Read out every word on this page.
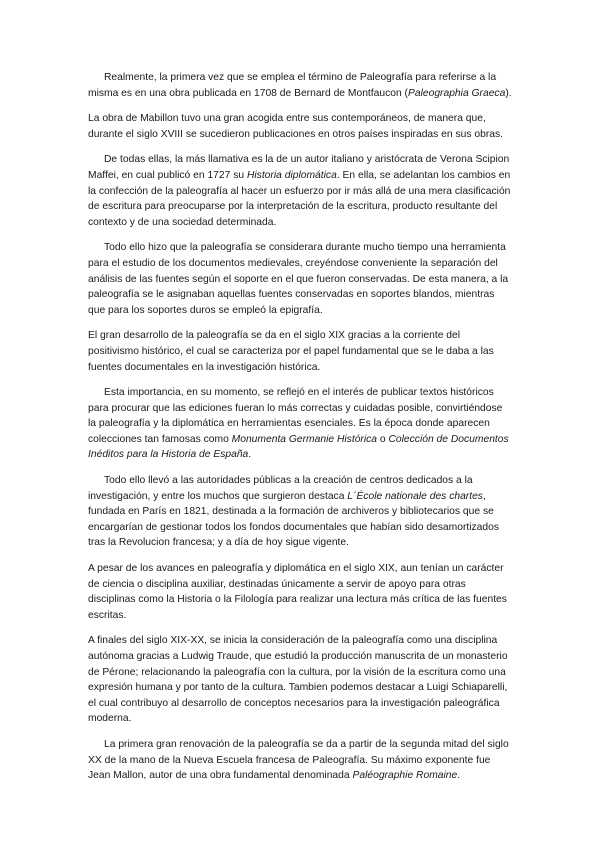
Realmente, la primera vez que se emplea el término de Paleografía para referirse a la misma es en una obra publicada en 1708 de Bernard de Montfaucon (Paleographia Graeca).

La obra de Mabillon tuvo una gran acogida entre sus contemporáneos, de manera que, durante el siglo XVIII se sucedieron publicaciones en otros países inspiradas en sus obras.

De todas ellas, la más llamativa es la de un autor italiano y aristócrata de Verona Scipion Maffei, en cual publicó en 1727 su Historia diplomática. En ella, se adelantan los cambios en la confección de la paleografía al hacer un esfuerzo por ir más allá de una mera clasificación de escritura para preocuparse por la interpretación de la escritura, producto resultante del contexto y de una sociedad determinada.

Todo ello hizo que la paleografía se considerara durante mucho tiempo una herramienta para el estudio de los documentos medievales, creyéndose conveniente la separación del análisis de las fuentes según el soporte en el que fueron conservadas. De esta manera, a la paleografía se le asignaban aquellas fuentes conservadas en soportes blandos, mientras que para los soportes duros se empleó la epigrafía.

El gran desarrollo de la paleografía se da en el siglo XIX gracias a la corriente del positivismo histórico, el cual se caracteriza por el papel fundamental que se le daba a las fuentes documentales en la investigación histórica.

Esta importancia, en su momento, se reflejó en el interés de publicar textos históricos para procurar que las ediciones fueran lo más correctas y cuidadas posible, convirtiéndose la paleografía y la diplomática en herramientas esenciales. Es la época donde aparecen colecciones tan famosas como Monumenta Germanie Histórica o Colección de Documentos Inéditos para la Historia de España.

Todo ello llevó a las autoridades públicas a la creación de centros dedicados a la investigación, y entre los muchos que surgieron destaca L´École nationale des chartes, fundada en París en 1821, destinada a la formación de archiveros y bibliotecarios que se encargarían de gestionar todos los fondos documentales que habían sido desamortizados tras la Revolucion francesa; y a día de hoy sigue vigente.

A pesar de los avances en paleografía y diplomática en el siglo XIX, aun tenían un carácter de ciencia o disciplina auxiliar, destinadas únicamente a servir de apoyo para otras disciplinas como la Historia o la Filología para realizar una lectura más crítica de las fuentes escritas.

A finales del siglo XIX-XX, se inicia la consideración de la paleografía como una disciplina autónoma gracias a Ludwig Traude, que estudió la producción manuscrita de un monasterio de Pérone; relacionando la paleografía con la cultura, por la visión de la escritura como una expresión humana y por tanto de la cultura. Tambien podemos destacar a Luigi Schiaparelli, el cual contribuyo al desarrollo de conceptos necesarios para la investigación paleográfica moderna.

La primera gran renovación de la paleografía se da a partir de la segunda mitad del siglo XX de la mano de la Nueva Escuela francesa de Paleografía. Su máximo exponente fue Jean Mallon, autor de una obra fundamental denominada Paléographie Romaine.
